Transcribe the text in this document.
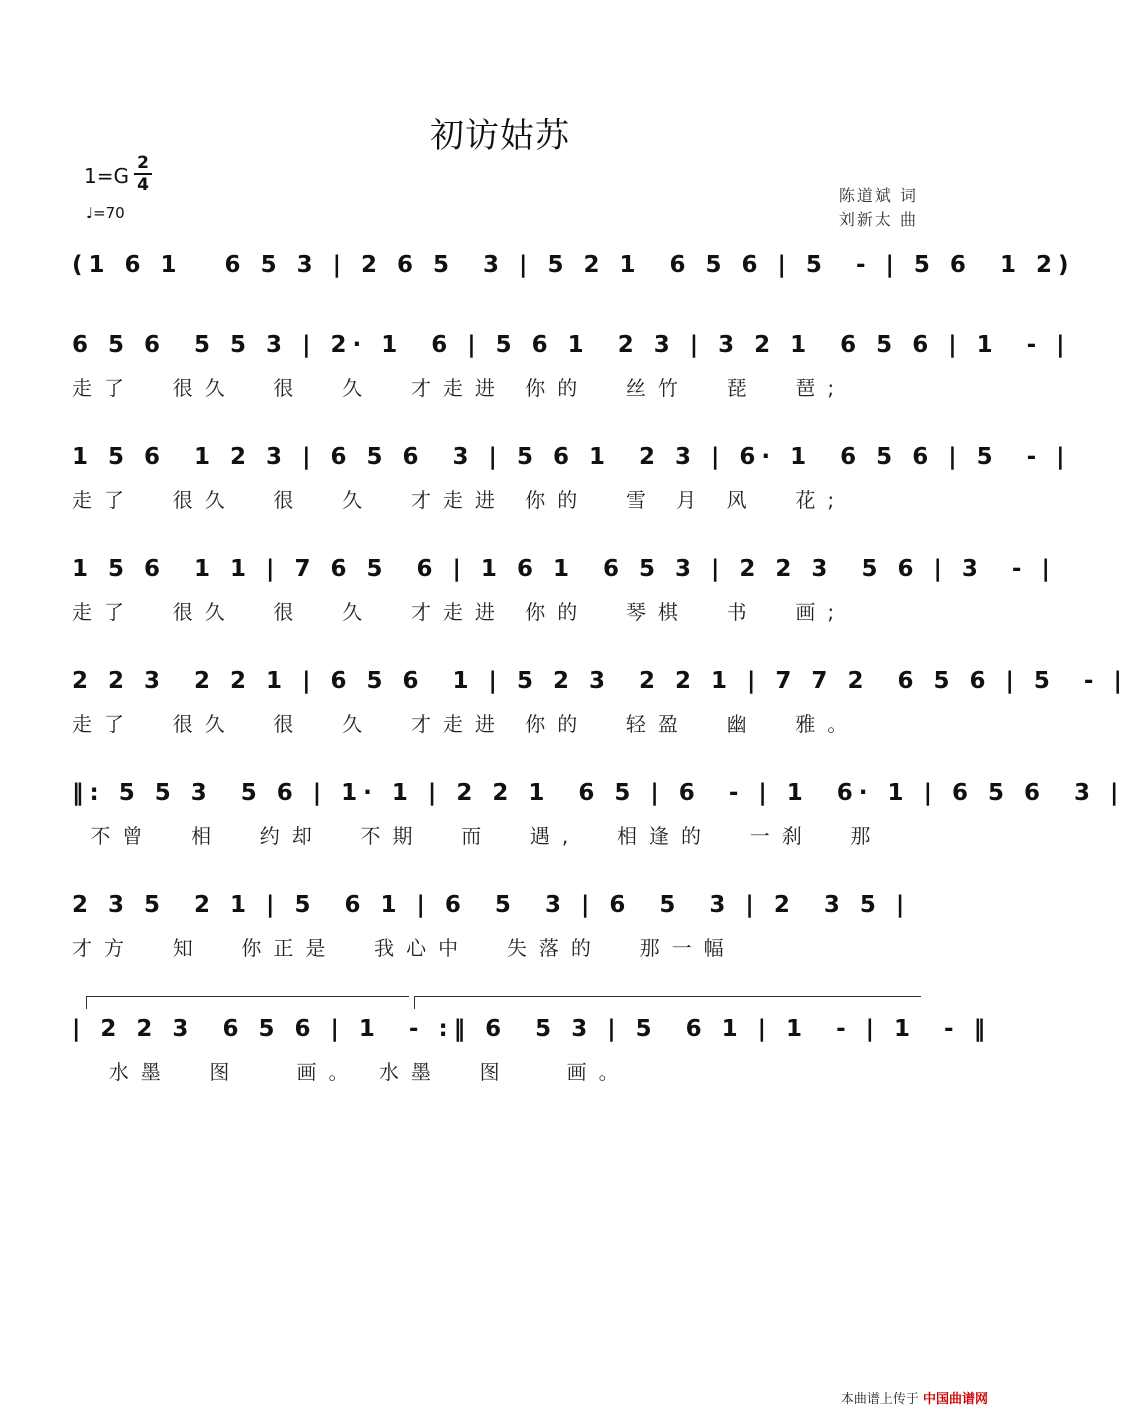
初访姑苏
1=G
2
4
♩=70
陈道斌 词
刘新太 曲
(1 6 1   6 5 3 | 2 6 5  3 | 5 2 1  6 5 6 | 5  - | 5 6  1 2)
6 5 6  5 5 3 | 2· 1  6 | 5 6 1  2 3 | 3 2 1  6 5 6 | 1  - |
走了  很久  很  久  才走进 你的  丝竹  琵  琶;
1 5 6  1 2 3 | 6 5 6  3 | 5 6 1  2 3 | 6· 1  6 5 6 | 5  - |
走了  很久  很  久  才走进 你的  雪 月 风  花;
1 5 6  1 1 | 7 6 5  6 | 1 6 1  6 5 3 | 2 2 3  5 6 | 3  - |
走了  很久  很  久  才走进 你的  琴棋  书  画;
2 2 3  2 2 1 | 6 5 6  1 | 5 2 3  2 2 1 | 7 7 2  6 5 6 | 5  - |
走了  很久  很  久  才走进 你的  轻盈  幽  雅。
‖: 5 5 3  5 6 | 1· 1 | 2 2 1  6 5 | 6  - | 1  6· 1 | 6 5 6  3 |
不曾  相  约却  不期  而  遇,  相逢的  一刹  那
2 3 5  2 1 | 5  6 1 | 6  5  3 | 6  5  3 | 2  3 5 |
才方  知  你正是  我心中  失落的  那一幅
| 2 2 3  6 5 6 | 1  - :‖ 6  5 3 | 5  6 1 | 1  - | 1  - ‖
水墨  图   画。 水墨  图   画。
本曲谱上传于 中国曲谱网
